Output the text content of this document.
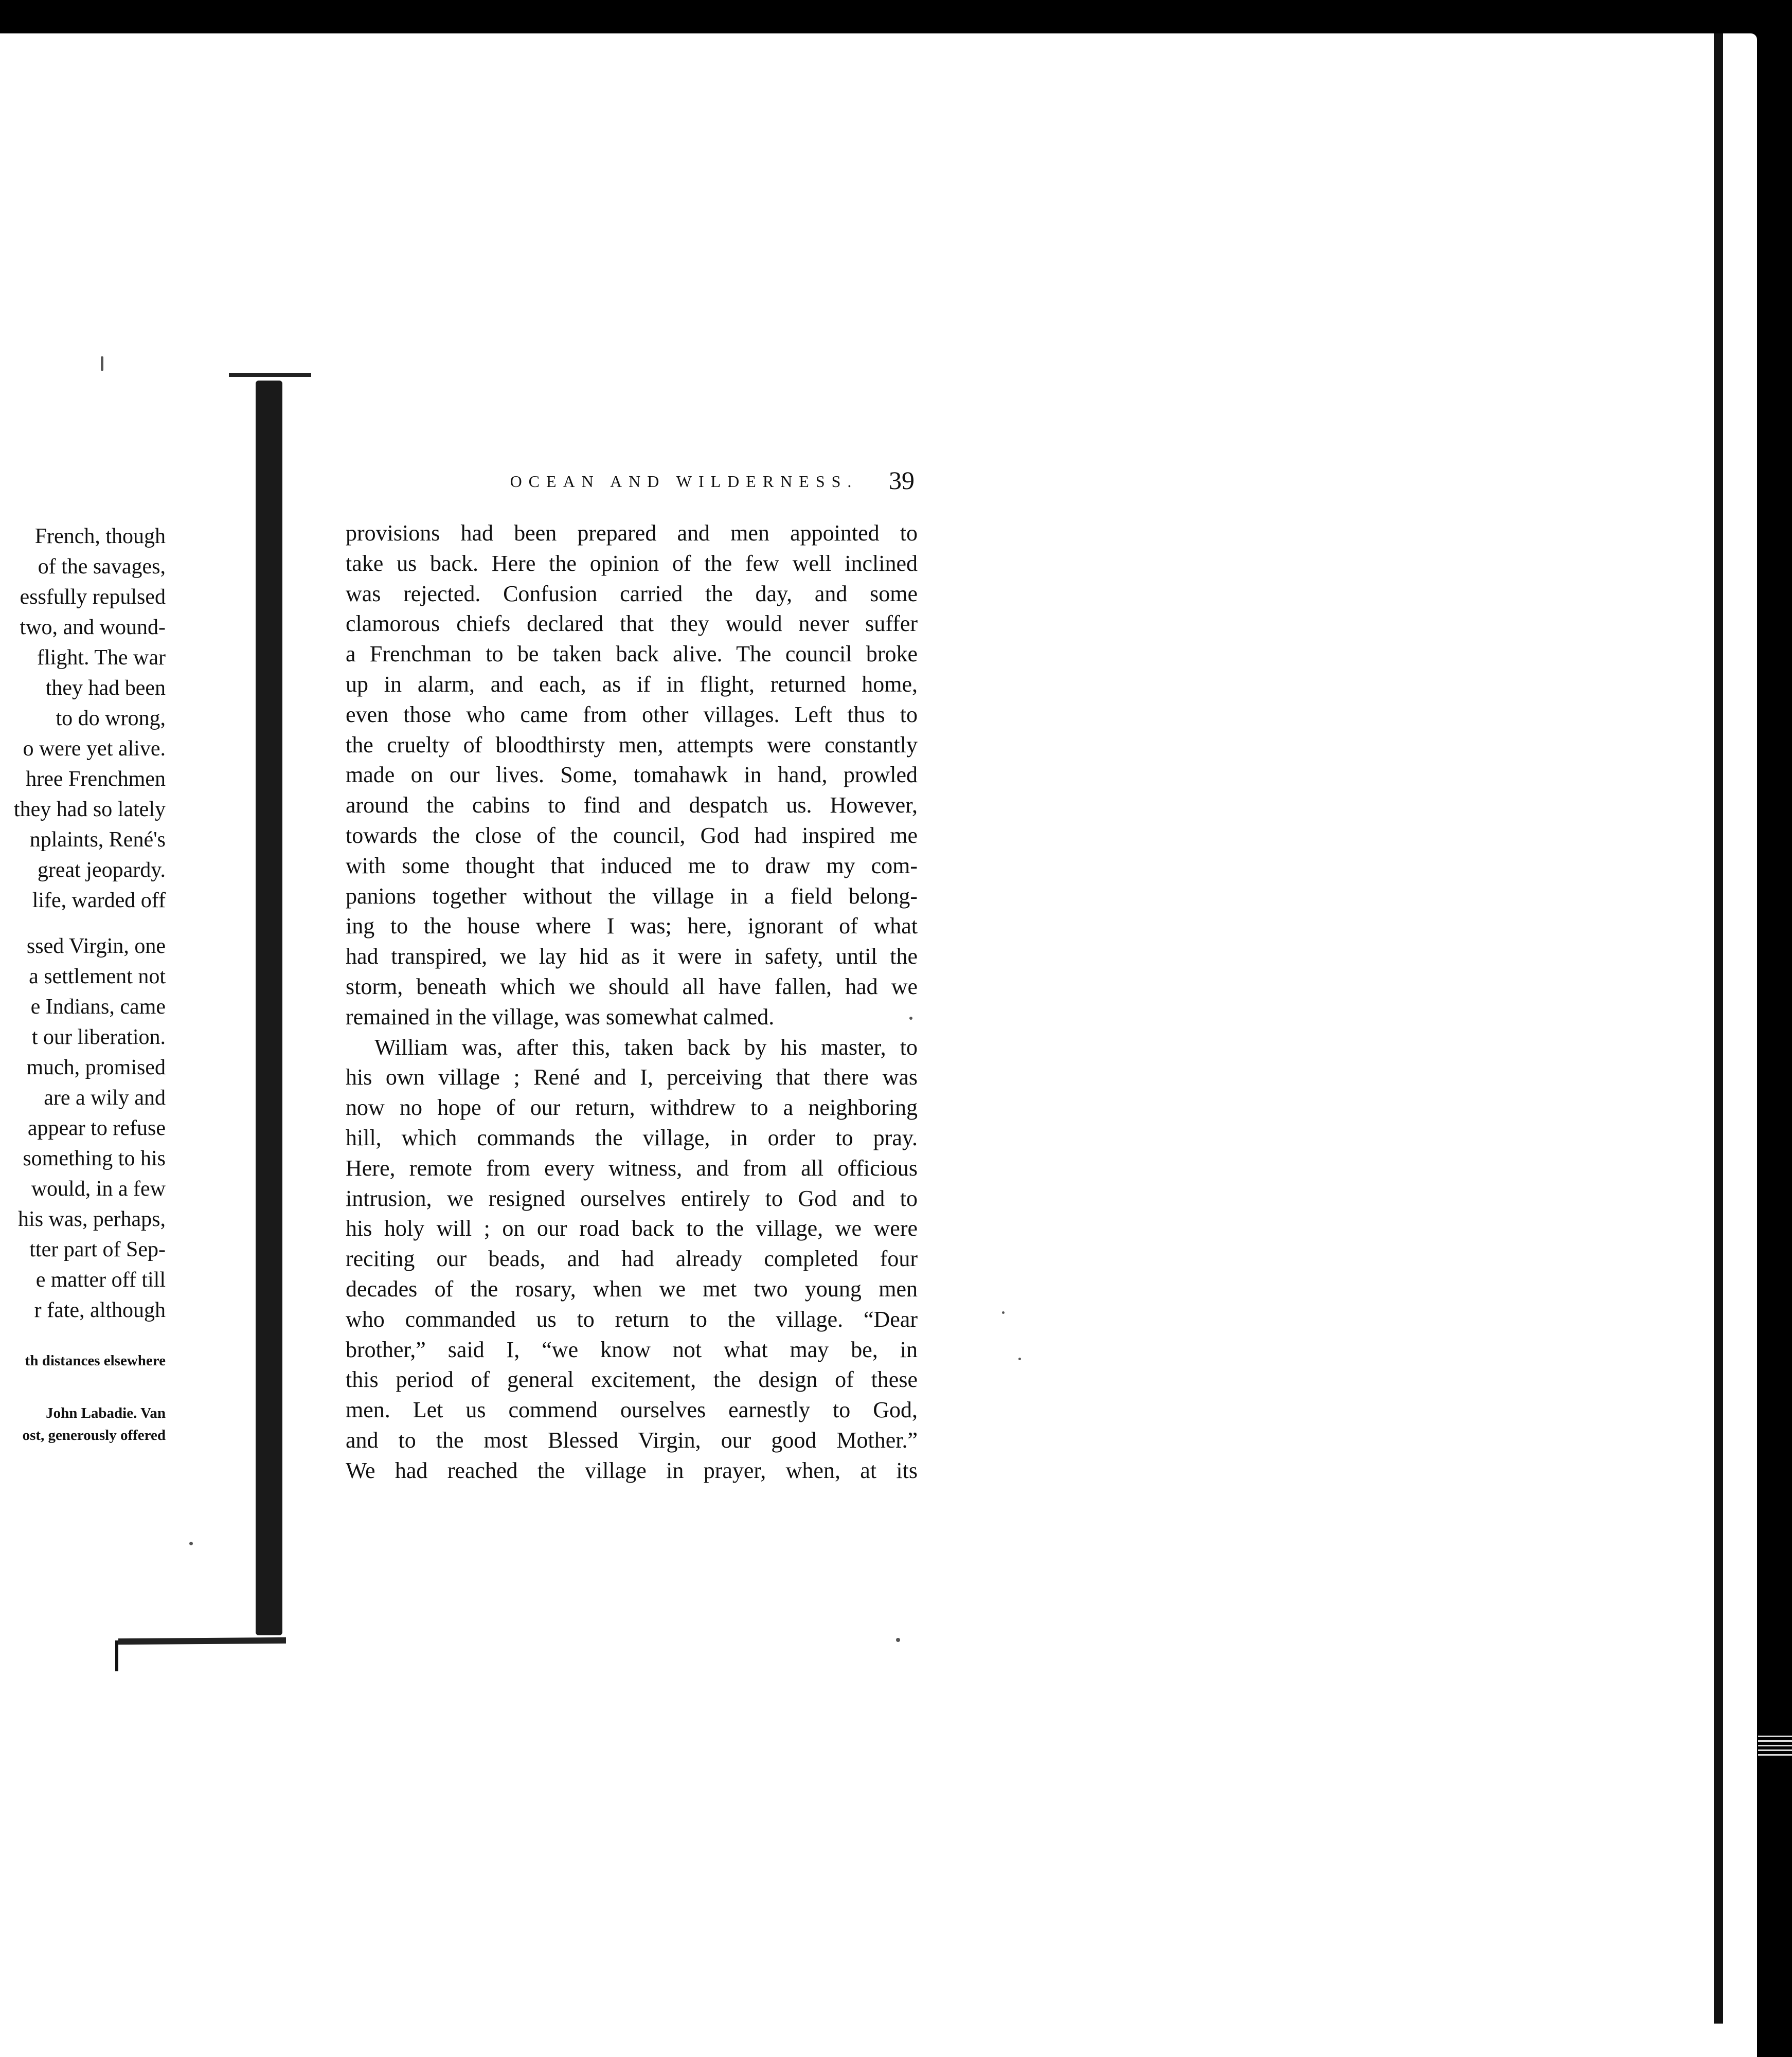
French, though
of the savages,
essfully repulsed
two, and wound-
flight. The war
they had been
to do wrong,
o were yet alive.
hree Frenchmen
they had so lately
nplaints, René's
great jeopardy.
life, warded off
ssed Virgin, one
a settlement not
e Indians, came
t our liberation.
much, promised
are a wily and
appear to refuse
something to his
would, in a few
his was, perhaps,
tter part of Sep-
e matter off till
r fate, although
th distances elsewhere
John Labadie. Van
ost, generously offered
OCEAN AND WILDERNESS.	39
provisions had been prepared and men appointed to
take us back. Here the opinion of the few well inclined
was rejected. Confusion carried the day, and some
clamorous chiefs declared that they would never suffer
a Frenchman to be taken back alive. The council broke
up in alarm, and each, as if in flight, returned home,
even those who came from other villages. Left thus to
the cruelty of bloodthirsty men, attempts were constantly
made on our lives. Some, tomahawk in hand, prowled
around the cabins to find and despatch us. However,
towards the close of the council, God had inspired me
with some thought that induced me to draw my com-
panions together without the village in a field belong-
ing to the house where I was; here, ignorant of what
had transpired, we lay hid as it were in safety, until the
storm, beneath which we should all have fallen, had we
remained in the village, was somewhat calmed.
William was, after this, taken back by his master, to
his own village ; René and I, perceiving that there was
now no hope of our return, withdrew to a neighboring
hill, which commands the village, in order to pray.
Here, remote from every witness, and from all officious
intrusion, we resigned ourselves entirely to God and to
his holy will ; on our road back to the village, we were
reciting our beads, and had already completed four
decades of the rosary, when we met two young men
who commanded us to return to the village. “Dear
brother,” said I, “we know not what may be, in
this period of general excitement, the design of these
men. Let us commend ourselves earnestly to God,
and to the most Blessed Virgin, our good Mother.”
We had reached the village in prayer, when, at its
